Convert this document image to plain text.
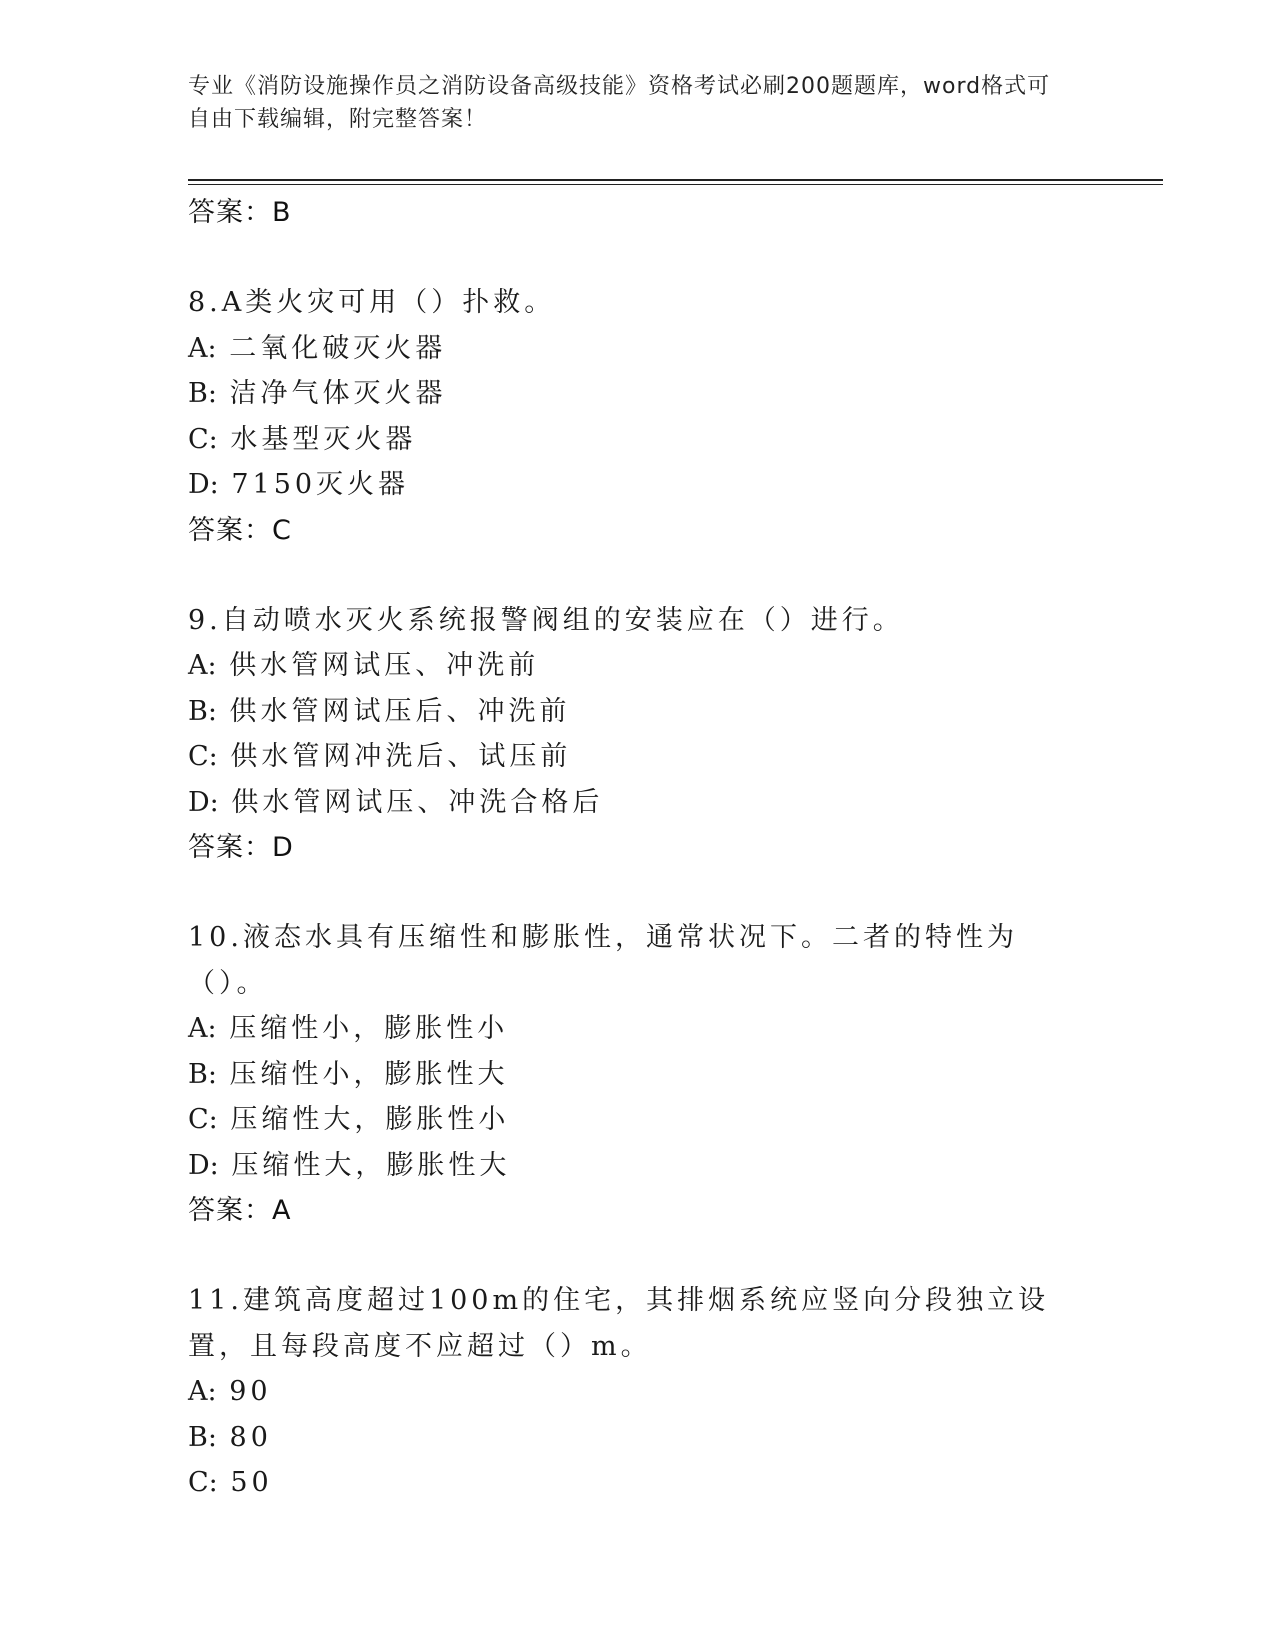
专业《消防设施操作员之消防设备高级技能》资格考试必刷200题题库，word格式可自由下载编辑，附完整答案！
答案：B
8.A类火灾可用（）扑救。
A: 二氧化破灭火器
B: 洁净气体灭火器
C: 水基型灭火器
D: 7150灭火器
答案：C
9.自动喷水灭火系统报警阀组的安装应在（）进行。
A: 供水管网试压、冲洗前
B: 供水管网试压后、冲洗前
C: 供水管网冲洗后、试压前
D: 供水管网试压、冲洗合格后
答案：D
10.液态水具有压缩性和膨胀性，通常状况下。二者的特性为（）。
A: 压缩性小，膨胀性小
B: 压缩性小，膨胀性大
C: 压缩性大，膨胀性小
D: 压缩性大，膨胀性大
答案：A
11.建筑高度超过100m的住宅，其排烟系统应竖向分段独立设置，且每段高度不应超过（）m。
A: 90
B: 80
C: 50
